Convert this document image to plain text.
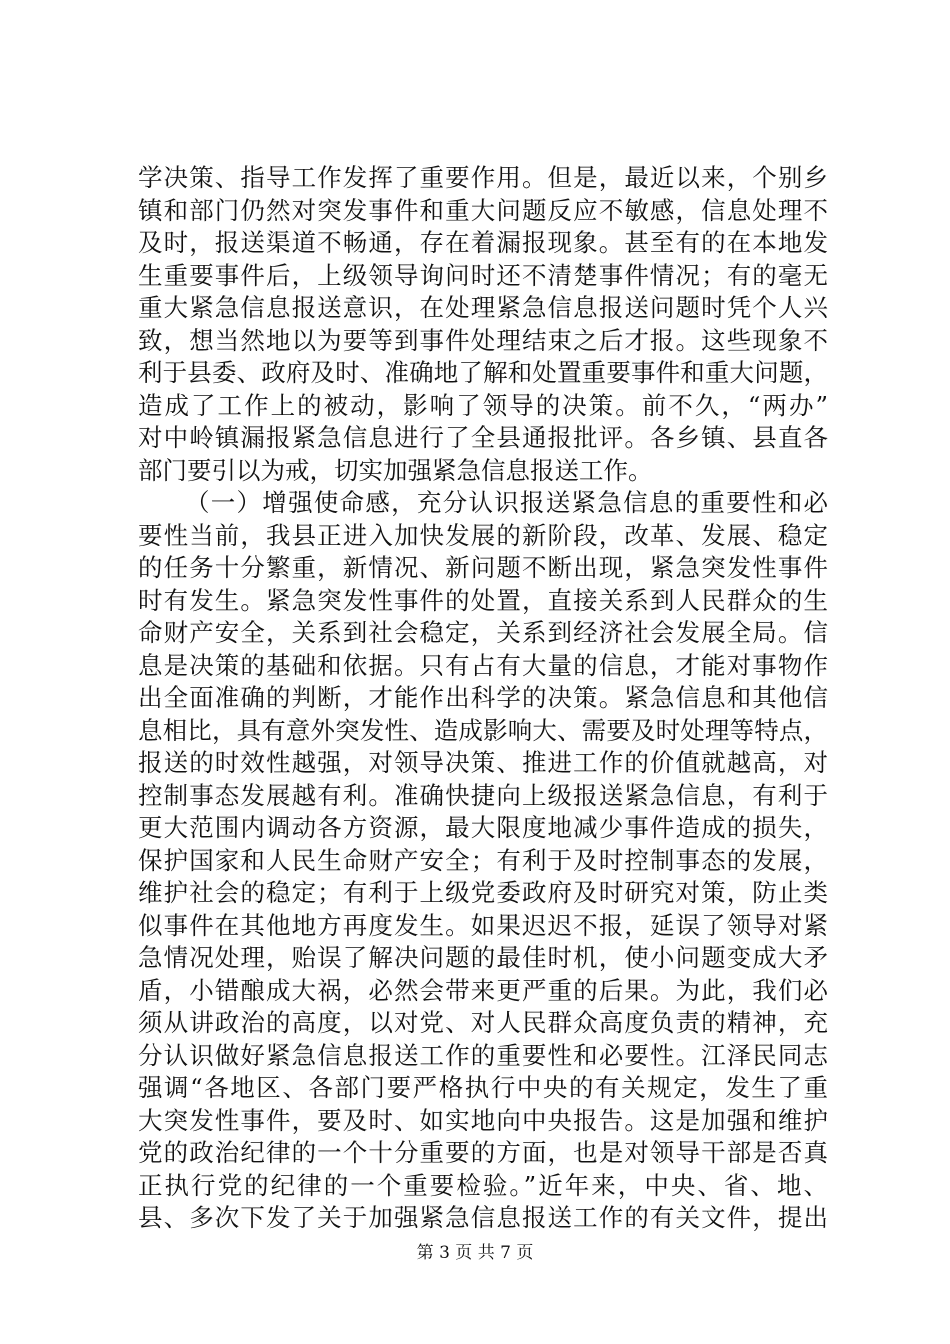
学决策、指导工作发挥了重要作用。但是，最近以来，个别乡
镇和部门仍然对突发事件和重大问题反应不敏感，信息处理不
及时，报送渠道不畅通，存在着漏报现象。甚至有的在本地发
生重要事件后，上级领导询问时还不清楚事件情况；有的毫无
重大紧急信息报送意识，在处理紧急信息报送问题时凭个人兴
致，想当然地以为要等到事件处理结束之后才报。这些现象不
利于县委、政府及时、准确地了解和处置重要事件和重大问题，
造成了工作上的被动，影响了领导的决策。前不久，“两办”
对中岭镇漏报紧急信息进行了全县通报批评。各乡镇、县直各
部门要引以为戒，切实加强紧急信息报送工作。
（一）增强使命感，充分认识报送紧急信息的重要性和必
要性当前，我县正进入加快发展的新阶段，改革、发展、稳定
的任务十分繁重，新情况、新问题不断出现，紧急突发性事件
时有发生。紧急突发性事件的处置，直接关系到人民群众的生
命财产安全，关系到社会稳定，关系到经济社会发展全局。信
息是决策的基础和依据。只有占有大量的信息，才能对事物作
出全面准确的判断，才能作出科学的决策。紧急信息和其他信
息相比，具有意外突发性、造成影响大、需要及时处理等特点，
报送的时效性越强，对领导决策、推进工作的价值就越高，对
控制事态发展越有利。准确快捷向上级报送紧急信息，有利于
更大范围内调动各方资源，最大限度地减少事件造成的损失，
保护国家和人民生命财产安全；有利于及时控制事态的发展，
维护社会的稳定；有利于上级党委政府及时研究对策，防止类
似事件在其他地方再度发生。如果迟迟不报，延误了领导对紧
急情况处理，贻误了解决问题的最佳时机，使小问题变成大矛
盾，小错酿成大祸，必然会带来更严重的后果。为此，我们必
须从讲政治的高度，以对党、对人民群众高度负责的精神，充
分认识做好紧急信息报送工作的重要性和必要性。江泽民同志
强调“各地区、各部门要严格执行中央的有关规定，发生了重
大突发性事件，要及时、如实地向中央报告。这是加强和维护
党的政治纪律的一个十分重要的方面，也是对领导干部是否真
正执行党的纪律的一个重要检验。”近年来，中央、省、地、
县、多次下发了关于加强紧急信息报送工作的有关文件，提出
第 3 页 共 7 页
